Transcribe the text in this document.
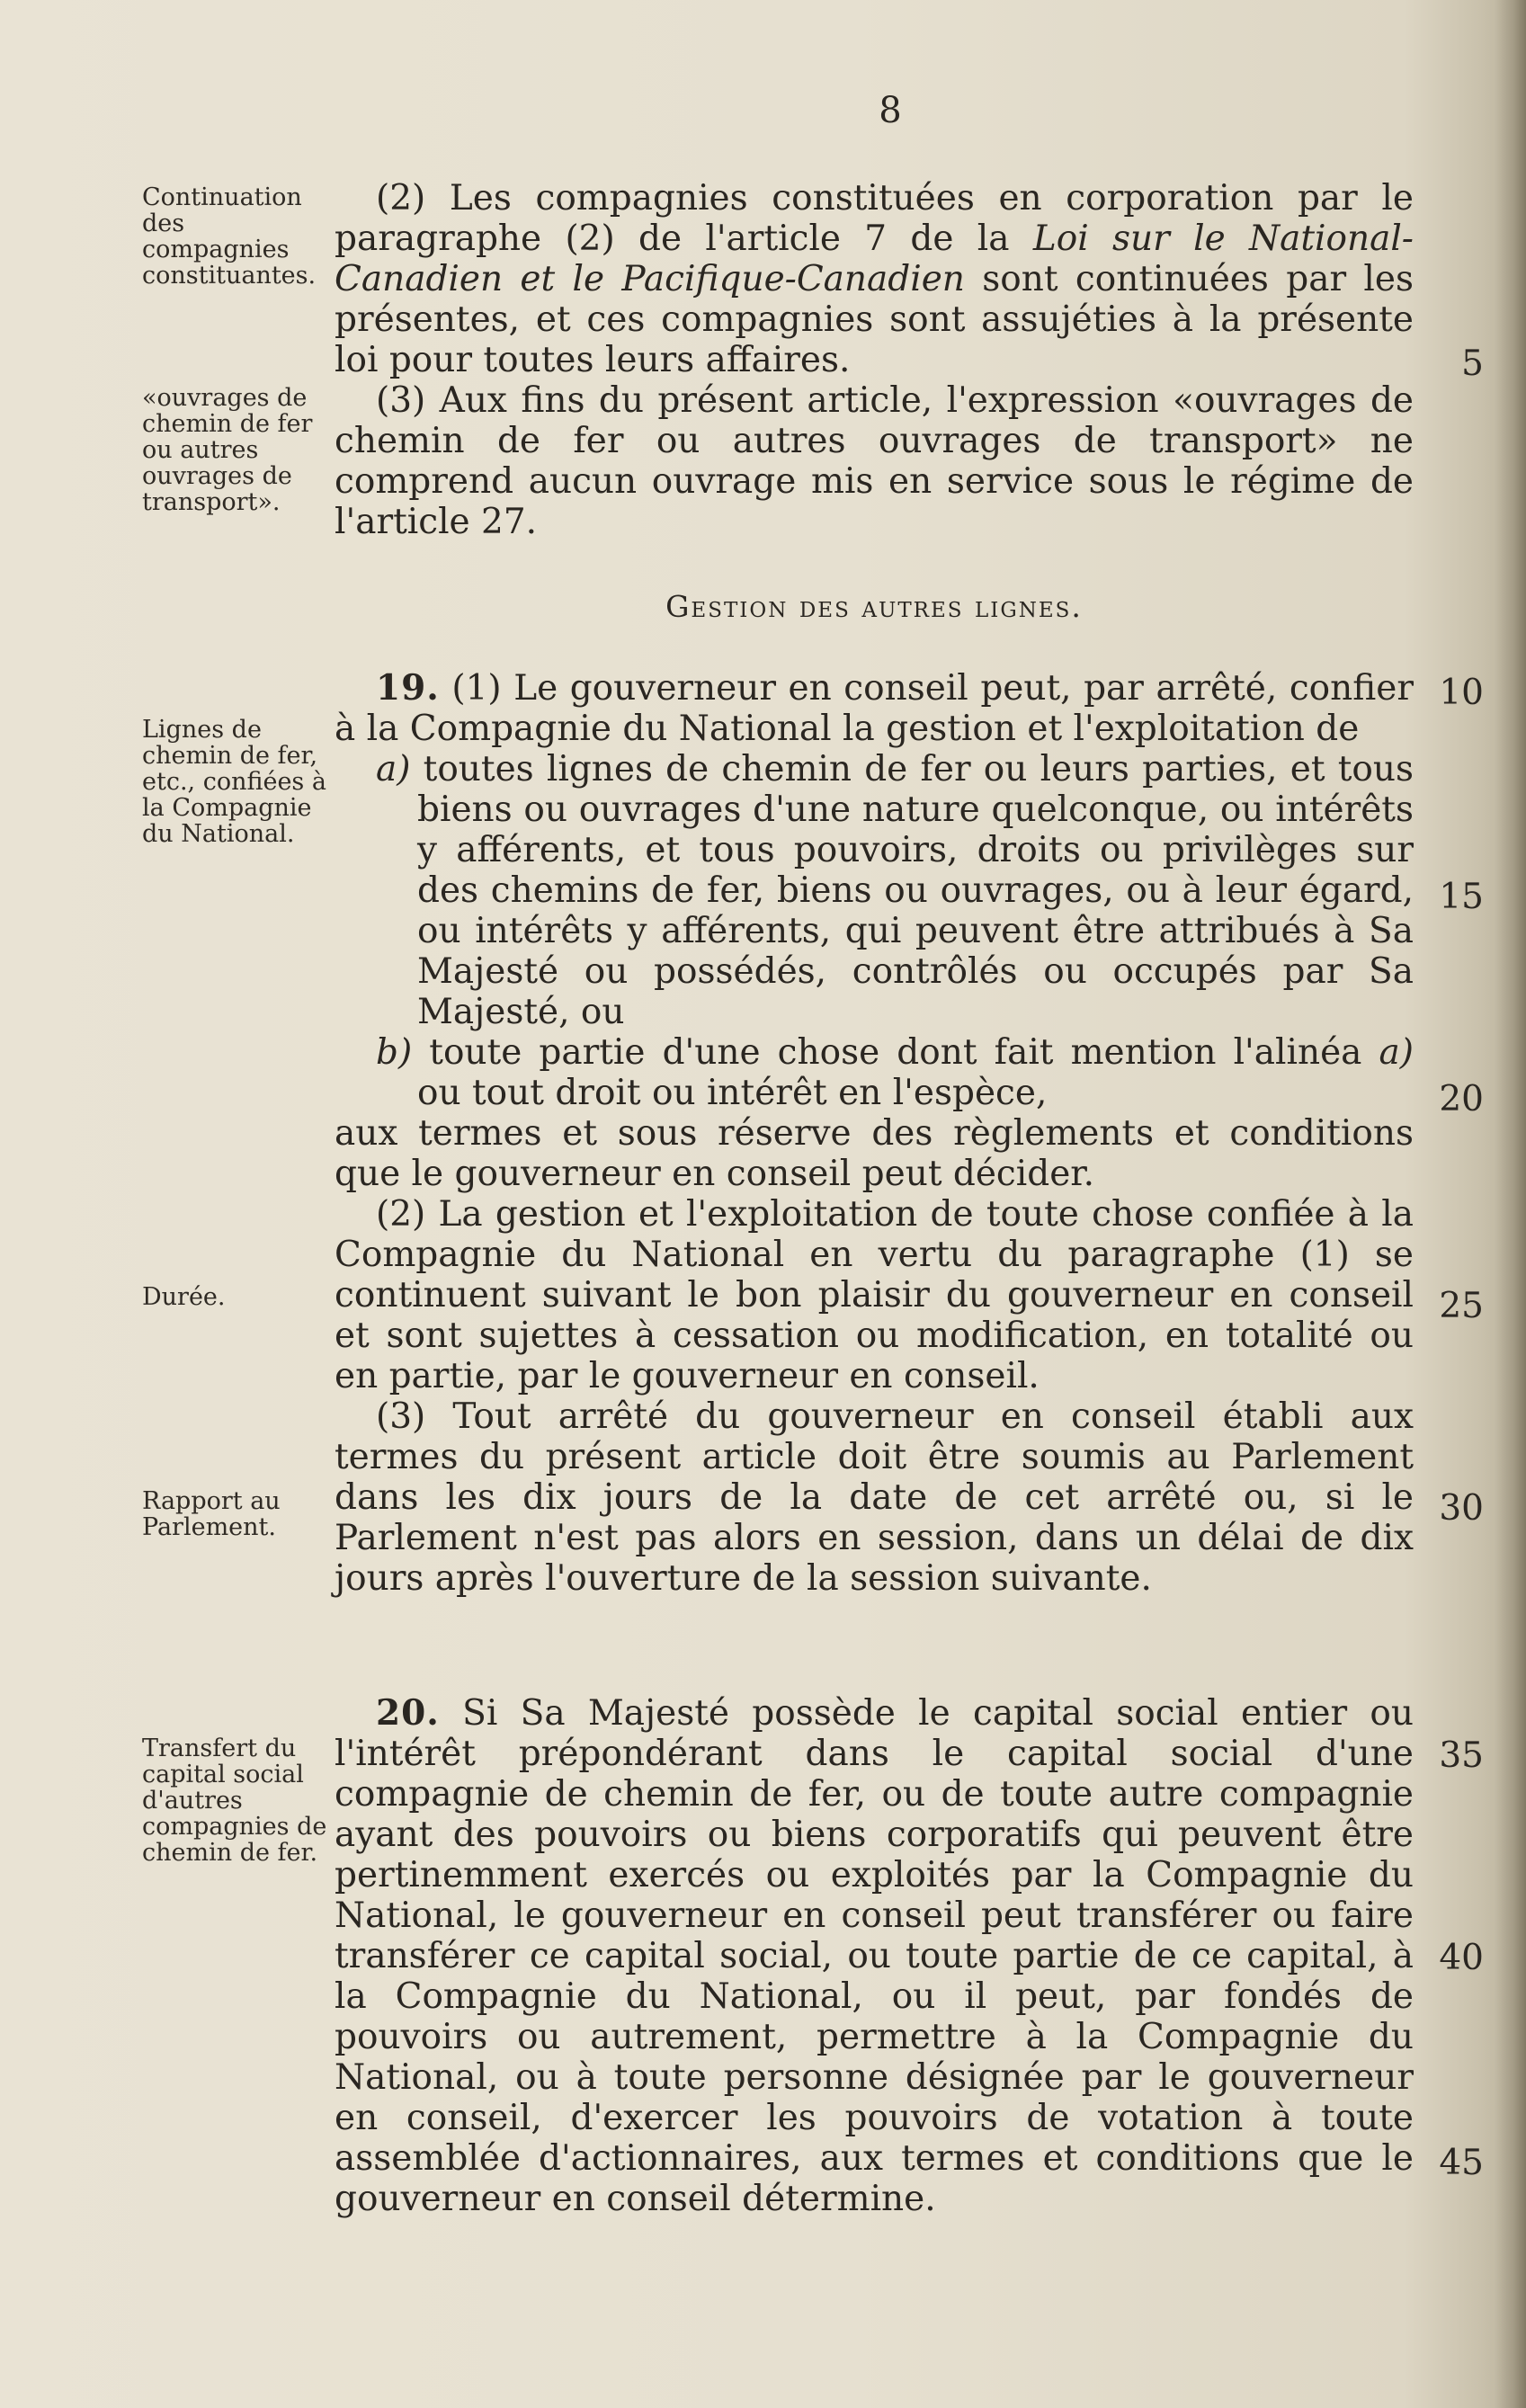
8
Continuation des compagnies constituantes.
«ouvrages de chemin de fer ou autres ouvrages de transport».
Lignes de chemin de fer, etc., confiées à la Compagnie du National.
Durée.
Rapport au Parlement.
Transfert du capital social d'autres compagnies de chemin de fer.
5
10
15
20
25
30
35
40
45
(2) Les compagnies constituées en corporation par le paragraphe (2) de l'article 7 de la Loi sur le National-Canadien et le Pacifique-Canadien sont continuées par les présentes, et ces compagnies sont assujéties à la présente loi pour toutes leurs affaires.
(3) Aux fins du présent article, l'expression «ouvrages de chemin de fer ou autres ouvrages de transport» ne comprend aucun ouvrage mis en service sous le régime de l'article 27.
Gestion des autres lignes.
19. (1) Le gouverneur en conseil peut, par arrêté, confier à la Compagnie du National la gestion et l'exploitation de
a) toutes lignes de chemin de fer ou leurs parties, et tous biens ou ouvrages d'une nature quelconque, ou intérêts y afférents, et tous pouvoirs, droits ou privilèges sur des chemins de fer, biens ou ouvrages, ou à leur égard, ou intérêts y afférents, qui peuvent être attribués à Sa Majesté ou possédés, contrôlés ou occupés par Sa Majesté, ou
b) toute partie d'une chose dont fait mention l'alinéa a) ou tout droit ou intérêt en l'espèce,
aux termes et sous réserve des règlements et conditions que le gouverneur en conseil peut décider.
(2) La gestion et l'exploitation de toute chose confiée à la Compagnie du National en vertu du paragraphe (1) se continuent suivant le bon plaisir du gouverneur en conseil et sont sujettes à cessation ou modification, en totalité ou en partie, par le gouverneur en conseil.
(3) Tout arrêté du gouverneur en conseil établi aux termes du présent article doit être soumis au Parlement dans les dix jours de la date de cet arrêté ou, si le Parlement n'est pas alors en session, dans un délai de dix jours après l'ouverture de la session suivante.
20. Si Sa Majesté possède le capital social entier ou l'intérêt prépondérant dans le capital social d'une compagnie de chemin de fer, ou de toute autre compagnie ayant des pouvoirs ou biens corporatifs qui peuvent être pertinemment exercés ou exploités par la Compagnie du National, le gouverneur en conseil peut transférer ou faire transférer ce capital social, ou toute partie de ce capital, à la Compagnie du National, ou il peut, par fondés de pouvoirs ou autrement, permettre à la Compagnie du National, ou à toute personne désignée par le gouverneur en conseil, d'exercer les pouvoirs de votation à toute assemblée d'actionnaires, aux termes et conditions que le gouverneur en conseil détermine.
